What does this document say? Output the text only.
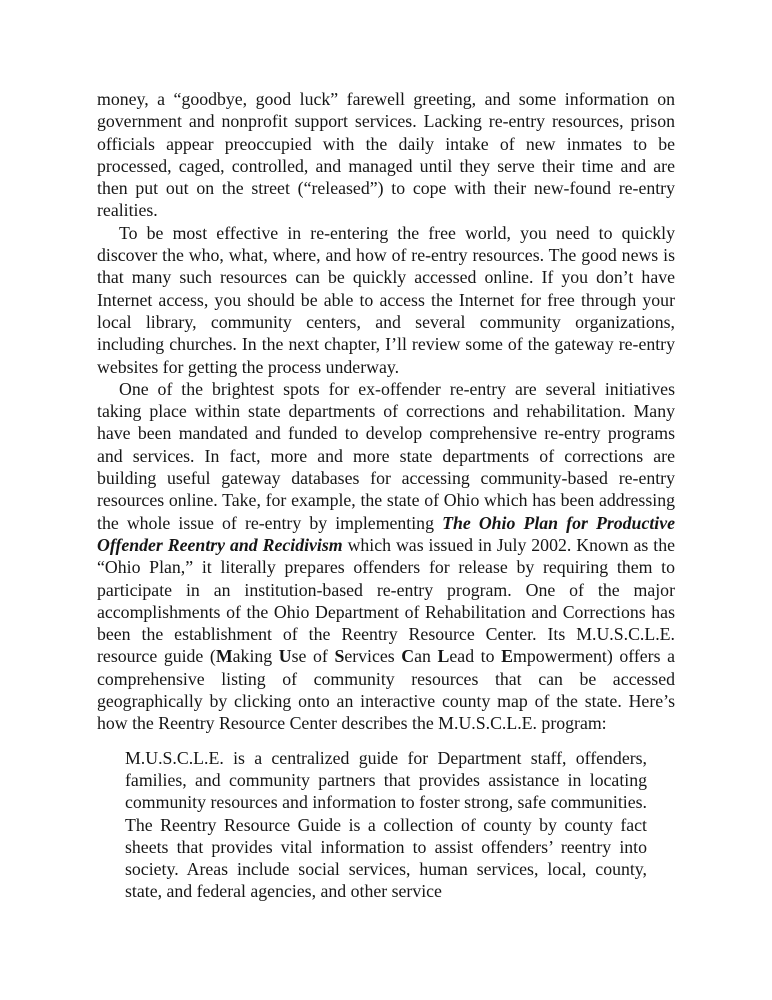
money, a “goodbye, good luck” farewell greeting, and some information on government and nonprofit support services. Lacking re-entry resources, prison officials appear preoccupied with the daily intake of new inmates to be processed, caged, controlled, and managed until they serve their time and are then put out on the street (“released”) to cope with their new-found re-entry realities.

To be most effective in re-entering the free world, you need to quickly discover the who, what, where, and how of re-entry resources. The good news is that many such resources can be quickly accessed online. If you don’t have Internet access, you should be able to access the Internet for free through your local library, community centers, and several community organizations, including churches. In the next chapter, I’ll review some of the gateway re-entry websites for getting the process underway.

One of the brightest spots for ex-offender re-entry are several initiatives taking place within state departments of corrections and rehabilitation. Many have been mandated and funded to develop comprehensive re-entry programs and services. In fact, more and more state departments of corrections are building useful gateway databases for accessing community-based re-entry resources online. Take, for example, the state of Ohio which has been addressing the whole issue of re-entry by implementing The Ohio Plan for Productive Offender Reentry and Recidivism which was issued in July 2002. Known as the “Ohio Plan,” it literally prepares offenders for release by requiring them to participate in an institution-based re-entry program. One of the major accomplishments of the Ohio Department of Rehabilitation and Corrections has been the establishment of the Reentry Resource Center. Its M.U.S.C.L.E. resource guide (Making Use of Services Can Lead to Empowerment) offers a comprehensive listing of community resources that can be accessed geographically by clicking onto an interactive county map of the state. Here’s how the Reentry Resource Center describes the M.U.S.C.L.E. program:

M.U.S.C.L.E. is a centralized guide for Department staff, offenders, families, and community partners that provides assistance in locating community resources and information to foster strong, safe communities. The Reentry Resource Guide is a collection of county by county fact sheets that provides vital information to assist offenders’ reentry into society. Areas include social services, human services, local, county, state, and federal agencies, and other service
